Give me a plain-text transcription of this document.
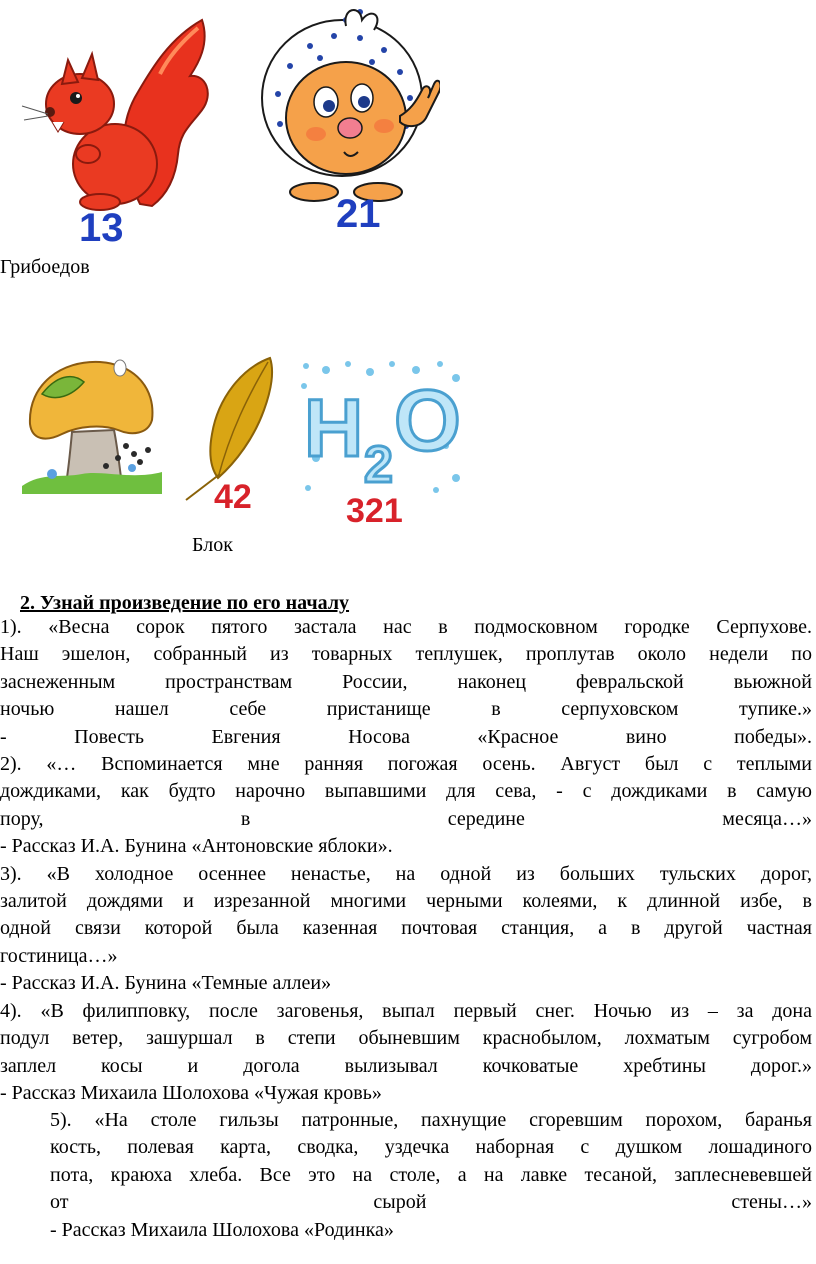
13	21
Грибоедов
42
H 2 O
321
Блок
2. Узнай произведение по его началу
1). «Весна сорок пятого застала нас в подмосковном городке Серпухове.
Наш эшелон, собранный из товарных теплушек, проплутав около недели по
заснеженным пространствам России, наконец февральской вьюжной
ночью нашел себе пристанище в серпуховском тупике.»
- Повесть Евгения Носова «Красное вино победы».
2). «… Вспоминается мне ранняя погожая осень. Август был с теплыми
дождиками, как будто нарочно выпавшими для сева, - с дождиками в самую
пору, в середине месяца…»
- Рассказ И.А. Бунина «Антоновские яблоки».
3). «В холодное осеннее ненастье, на одной из больших тульских дорог,
залитой дождями и изрезанной многими черными колеями, к длинной избе, в
одной связи которой была казенная почтовая станция, а в другой частная
гостиница…»
- Рассказ И.А. Бунина «Темные аллеи»
4). «В филипповку, после заговенья, выпал первый снег. Ночью из – за дона
подул ветер, зашуршал в степи обыневшим краснобылом, лохматым сугробом
заплел косы и догола вылизывал кочковатые хребтины дорог.»
- Рассказ Михаила Шолохова «Чужая кровь»
5). «На столе гильзы патронные, пахнущие сгоревшим порохом, баранья
кость, полевая карта, сводка, уздечка наборная с душком лошадиного
пота, краюха хлеба. Все это на столе, а на лавке тесаной, заплесневевшей
от сырой стены…»
- Рассказ Михаила Шолохова «Родинка»
